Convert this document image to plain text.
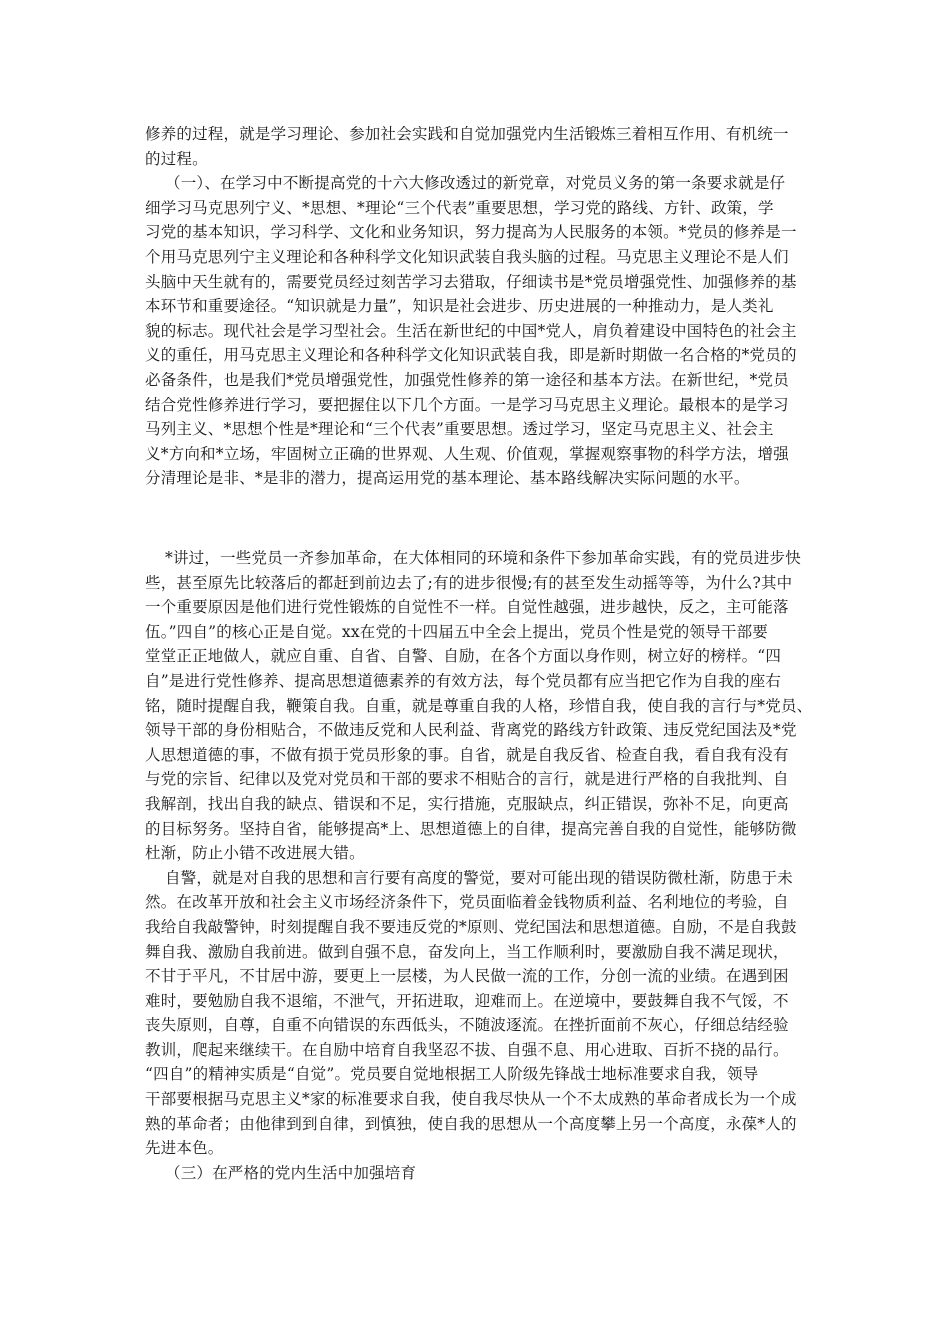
修养的过程，就是学习理论、参加社会实践和自觉加强党内生活锻炼三着相互作用、有机统一
的过程。
（一）、在学习中不断提高党的十六大修改透过的新党章，对党员义务的第一条要求就是仔
细学习马克思列宁义、*思想、*理论“三个代表”重要思想，学习党的路线、方针、政策，学
习党的基本知识，学习科学、文化和业务知识，努力提高为人民服务的本领。*党员的修养是一
个用马克思列宁主义理论和各种科学文化知识武装自我头脑的过程。马克思主义理论不是人们
头脑中天生就有的，需要党员经过刻苦学习去猎取，仔细读书是*党员增强党性、加强修养的基
本环节和重要途径。“知识就是力量”，知识是社会进步、历史进展的一种推动力，是人类礼
貌的标志。现代社会是学习型社会。生活在新世纪的中国*党人，肩负着建设中国特色的社会主
义的重任，用马克思主义理论和各种科学文化知识武装自我，即是新时期做一名合格的*党员的
必备条件，也是我们*党员增强党性，加强党性修养的第一途径和基本方法。在新世纪，*党员
结合党性修养进行学习，要把握住以下几个方面。一是学习马克思主义理论。最根本的是学习
马列主义、*思想个性是*理论和“三个代表”重要思想。透过学习，坚定马克思主义、社会主
义*方向和*立场，牢固树立正确的世界观、人生观、价值观，掌握观察事物的科学方法，增强
分清理论是非、*是非的潜力，提高运用党的基本理论、基本路线解决实际问题的水平。
*讲过，一些党员一齐参加革命，在大体相同的环境和条件下参加革命实践，有的党员进步快
些，甚至原先比较落后的都赶到前边去了;有的进步很慢;有的甚至发生动摇等等，为什么?其中
一个重要原因是他们进行党性锻炼的自觉性不一样。自觉性越强，进步越快，反之，主可能落
伍。”四自”的核心正是自觉。xx在党的十四届五中全会上提出，党员个性是党的领导干部要
堂堂正正地做人，就应自重、自省、自警、自励，在各个方面以身作则，树立好的榜样。“四
自”是进行党性修养、提高思想道德素养的有效方法，每个党员都有应当把它作为自我的座右
铭，随时提醒自我，鞭策自我。自重，就是尊重自我的人格，珍惜自我，使自我的言行与*党员、
领导干部的身份相贴合，不做违反党和人民利益、背离党的路线方针政策、违反党纪国法及*党
人思想道德的事，不做有损于党员形象的事。自省，就是自我反省、检查自我，看自我有没有
与党的宗旨、纪律以及党对党员和干部的要求不相贴合的言行，就是进行严格的自我批判、自
我解剖，找出自我的缺点、错误和不足，实行措施，克服缺点，纠正错误，弥补不足，向更高
的目标努务。坚持自省，能够提高*上、思想道德上的自律，提高完善自我的自觉性，能够防微
杜渐，防止小错不改进展大错。
自警，就是对自我的思想和言行要有高度的警觉，要对可能出现的错误防微杜渐，防患于未
然。在改革开放和社会主义市场经济条件下，党员面临着金钱物质利益、名利地位的考验，自
我给自我敲警钟，时刻提醒自我不要违反党的*原则、党纪国法和思想道德。自励，不是自我鼓
舞自我、激励自我前进。做到自强不息，奋发向上，当工作顺利时，要激励自我不满足现状，
不甘于平凡，不甘居中游，要更上一层楼，为人民做一流的工作，分创一流的业绩。在遇到困
难时，要勉励自我不退缩，不泄气，开拓进取，迎难而上。在逆境中，要鼓舞自我不气馁，不
丧失原则，自尊，自重不向错误的东西低头，不随波逐流。在挫折面前不灰心，仔细总结经验
教训，爬起来继续干。在自励中培育自我坚忍不拔、自强不息、用心进取、百折不挠的品行。
“四自”的精神实质是“自觉”。党员要自觉地根据工人阶级先锋战士地标准要求自我，领导
干部要根据马克思主义*家的标准要求自我，使自我尽快从一个不太成熟的革命者成长为一个成
熟的革命者；由他律到到自律，到慎独，使自我的思想从一个高度攀上另一个高度，永葆*人的
先进本色。
（三）在严格的党内生活中加强培育
